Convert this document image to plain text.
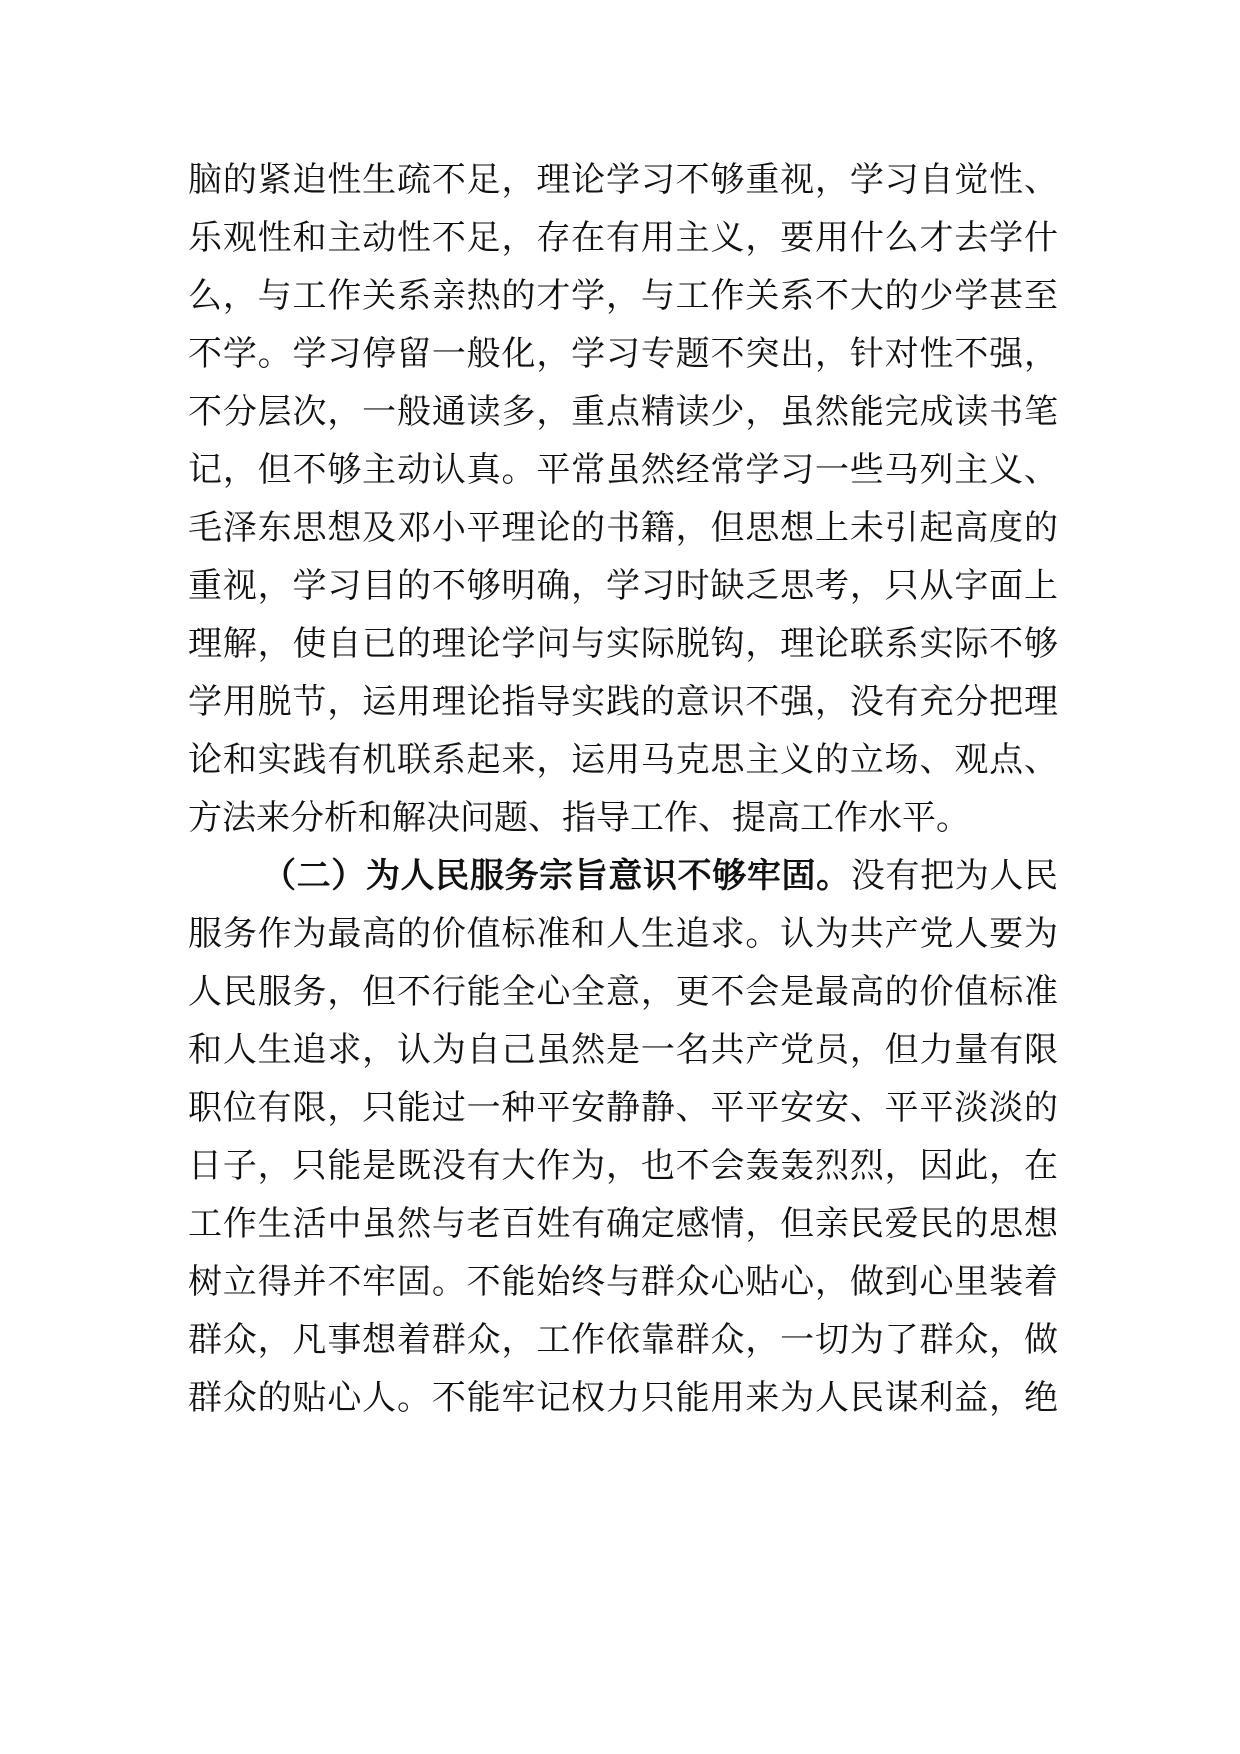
脑的紧迫性生疏不足，理论学习不够重视，学习自觉性、
乐观性和主动性不足，存在有用主义，要用什么才去学什
么，与工作关系亲热的才学，与工作关系不大的少学甚至
不学。学习停留一般化，学习专题不突出，针对性不强，
不分层次，一般通读多，重点精读少，虽然能完成读书笔
记，但不够主动认真。平常虽然经常学习一些马列主义、
毛泽东思想及邓小平理论的书籍，但思想上未引起高度的
重视，学习目的不够明确，学习时缺乏思考，只从字面上
理解，使自已的理论学问与实际脱钩，理论联系实际不够
学用脱节，运用理论指导实践的意识不强，没有充分把理
论和实践有机联系起来，运用马克思主义的立场、观点、
方法来分析和解决问题、指导工作、提高工作水平。
（二）为人民服务宗旨意识不够牢固。没有把为人民
服务作为最高的价值标准和人生追求。认为共产党人要为
人民服务，但不行能全心全意，更不会是最高的价值标准
和人生追求，认为自己虽然是一名共产党员，但力量有限
职位有限，只能过一种平安静静、平平安安、平平淡淡的
日子，只能是既没有大作为，也不会轰轰烈烈，因此，在
工作生活中虽然与老百姓有确定感情，但亲民爱民的思想
树立得并不牢固。不能始终与群众心贴心，做到心里装着
群众，凡事想着群众，工作依靠群众，一切为了群众，做
群众的贴心人。不能牢记权力只能用来为人民谋利益，绝
